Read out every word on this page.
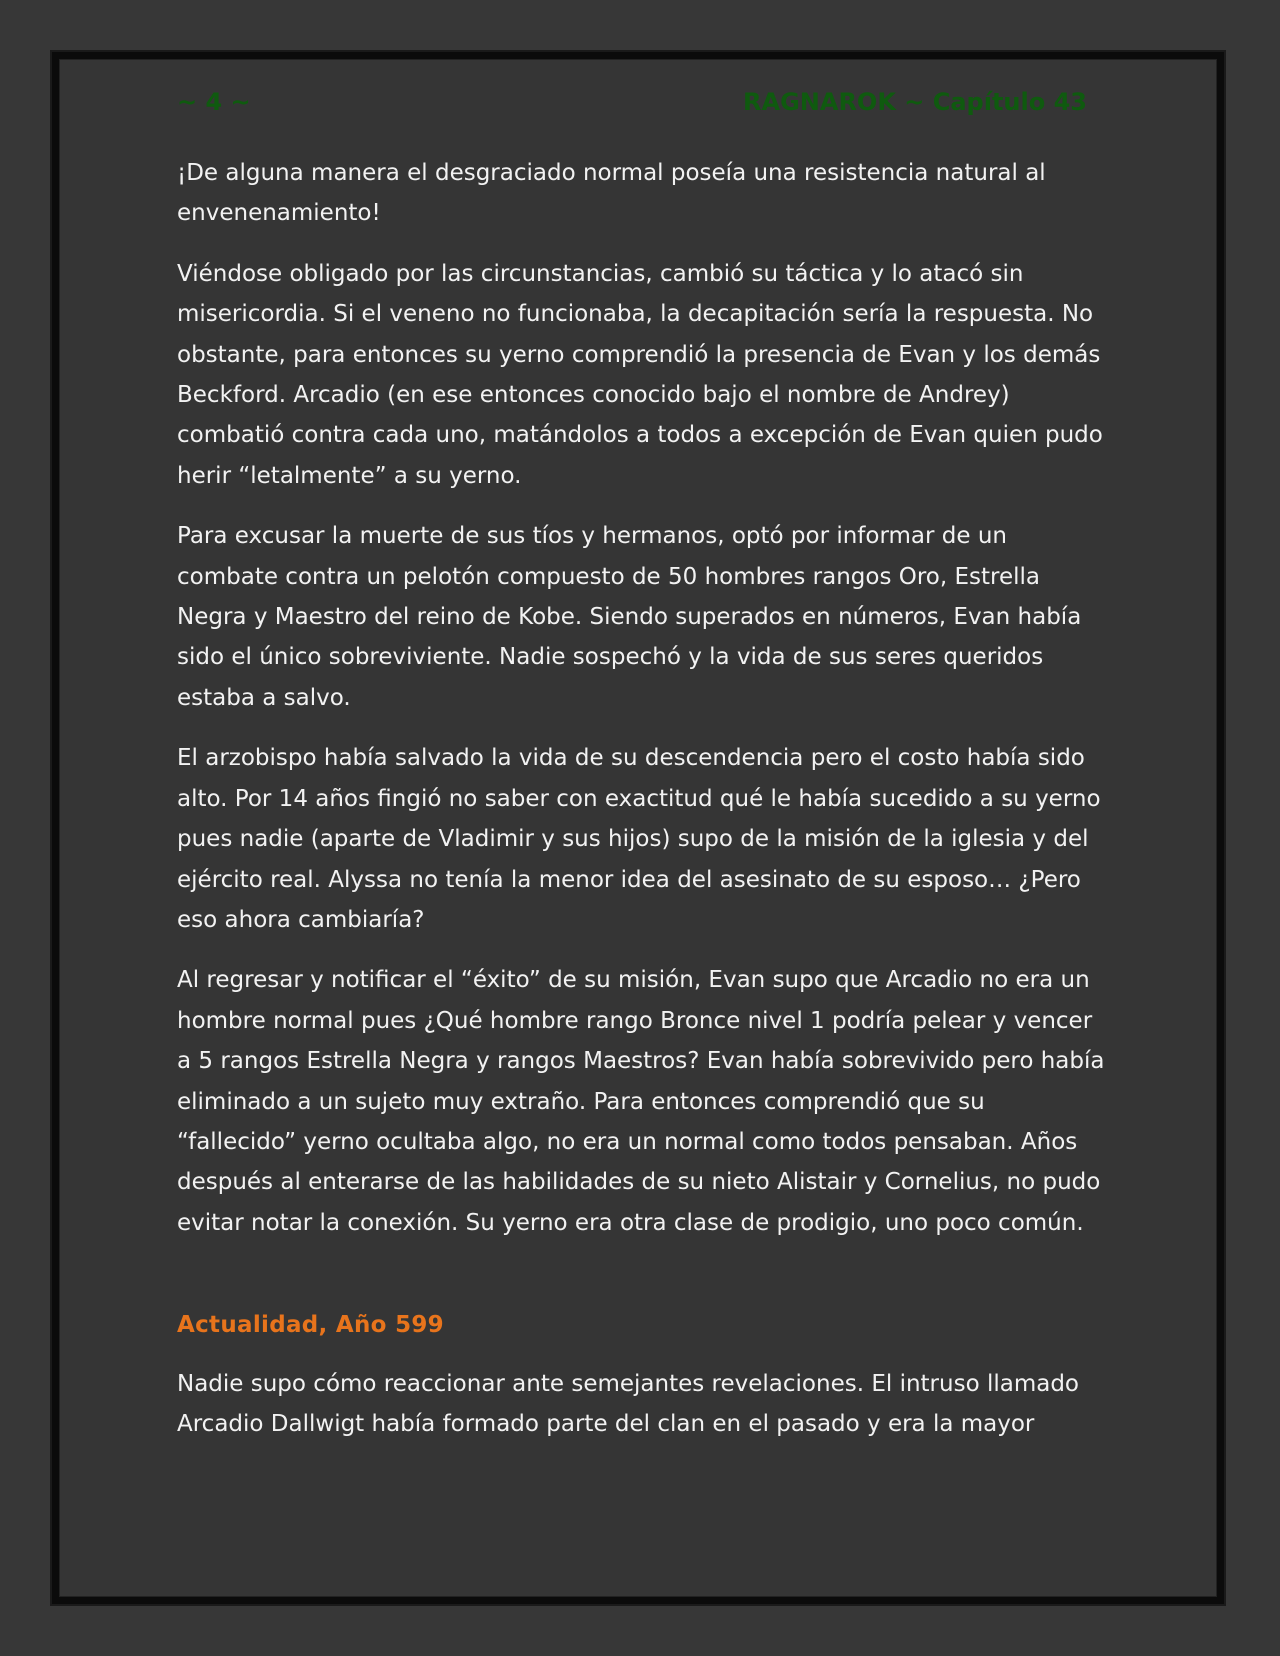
~ 4 ~	RAGNAROK ~ Capítulo 43

¡De alguna manera el desgraciado normal poseía una resistencia natural al envenenamiento!

Viéndose obligado por las circunstancias, cambió su táctica y lo atacó sin misericordia. Si el veneno no funcionaba, la decapitación sería la respuesta. No obstante, para entonces su yerno comprendió la presencia de Evan y los demás Beckford. Arcadio (en ese entonces conocido bajo el nombre de Andrey) combatió contra cada uno, matándolos a todos a excepción de Evan quien pudo herir “letalmente” a su yerno.

Para excusar la muerte de sus tíos y hermanos, optó por informar de un combate contra un pelotón compuesto de 50 hombres rangos Oro, Estrella Negra y Maestro del reino de Kobe. Siendo superados en números, Evan había sido el único sobreviviente. Nadie sospechó y la vida de sus seres queridos estaba a salvo.

El arzobispo había salvado la vida de su descendencia pero el costo había sido alto. Por 14 años fingió no saber con exactitud qué le había sucedido a su yerno pues nadie (aparte de Vladimir y sus hijos) supo de la misión de la iglesia y del ejército real. Alyssa no tenía la menor idea del asesinato de su esposo… ¿Pero eso ahora cambiaría?

Al regresar y notificar el “éxito” de su misión, Evan supo que Arcadio no era un hombre normal pues ¿Qué hombre rango Bronce nivel 1 podría pelear y vencer a 5 rangos Estrella Negra y rangos Maestros? Evan había sobrevivido pero había eliminado a un sujeto muy extraño. Para entonces comprendió que su “fallecido” yerno ocultaba algo, no era un normal como todos pensaban. Años después al enterarse de las habilidades de su nieto Alistair y Cornelius, no pudo evitar notar la conexión. Su yerno era otra clase de prodigio, uno poco común.

Actualidad, Año 599

Nadie supo cómo reaccionar ante semejantes revelaciones. El intruso llamado Arcadio Dallwigt había formado parte del clan en el pasado y era la mayor
